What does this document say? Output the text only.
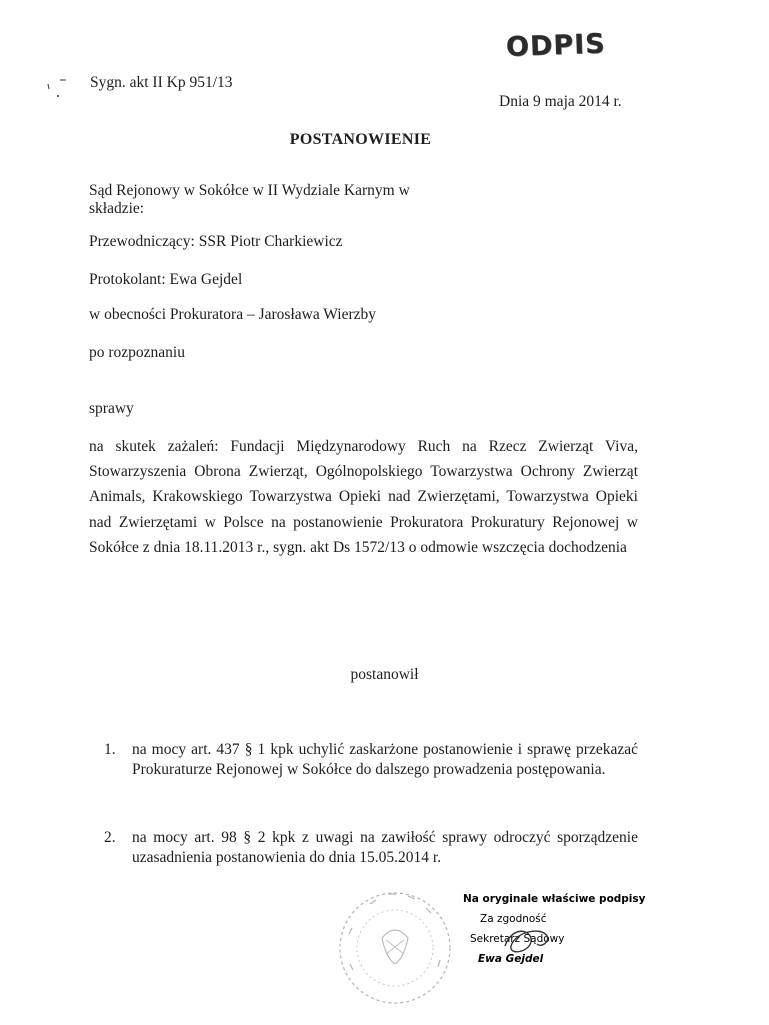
ODPIS
Sygn. akt II Kp 951/13
Dnia 9 maja 2014 r.
POSTANOWIENIE
Sąd Rejonowy w Sokółce w II Wydziale Karnym w składzie:
Przewodniczący: SSR Piotr Charkiewicz
Protokolant: Ewa Gejdel
w obecności Prokuratora – Jarosława Wierzby
po rozpoznaniu
sprawy
na skutek zażaleń: Fundacji Międzynarodowy Ruch na Rzecz Zwierząt Viva, Stowarzyszenia Obrona Zwierząt, Ogólnopolskiego Towarzystwa Ochrony Zwierząt Animals, Krakowskiego Towarzystwa Opieki nad Zwierzętami, Towarzystwa Opieki nad Zwierzętami w Polsce na postanowienie Prokuratora Prokuratury Rejonowej w Sokółce z dnia 18.11.2013 r., sygn. akt Ds 1572/13 o odmowie wszczęcia dochodzenia
postanowił
1. na mocy art. 437 § 1 kpk uchylić zaskarżone postanowienie i sprawę przekazać Prokuraturze Rejonowej w Sokółce do dalszego prowadzenia postępowania.
2. na mocy art. 98 § 2 kpk z uwagi na zawiłość sprawy odroczyć sporządzenie uzasadnienia postanowienia do dnia 15.05.2014 r.
Na oryginale właściwe podpisy
Za zgodność
Sekretarz Sądowy
Ewa Gejdel
